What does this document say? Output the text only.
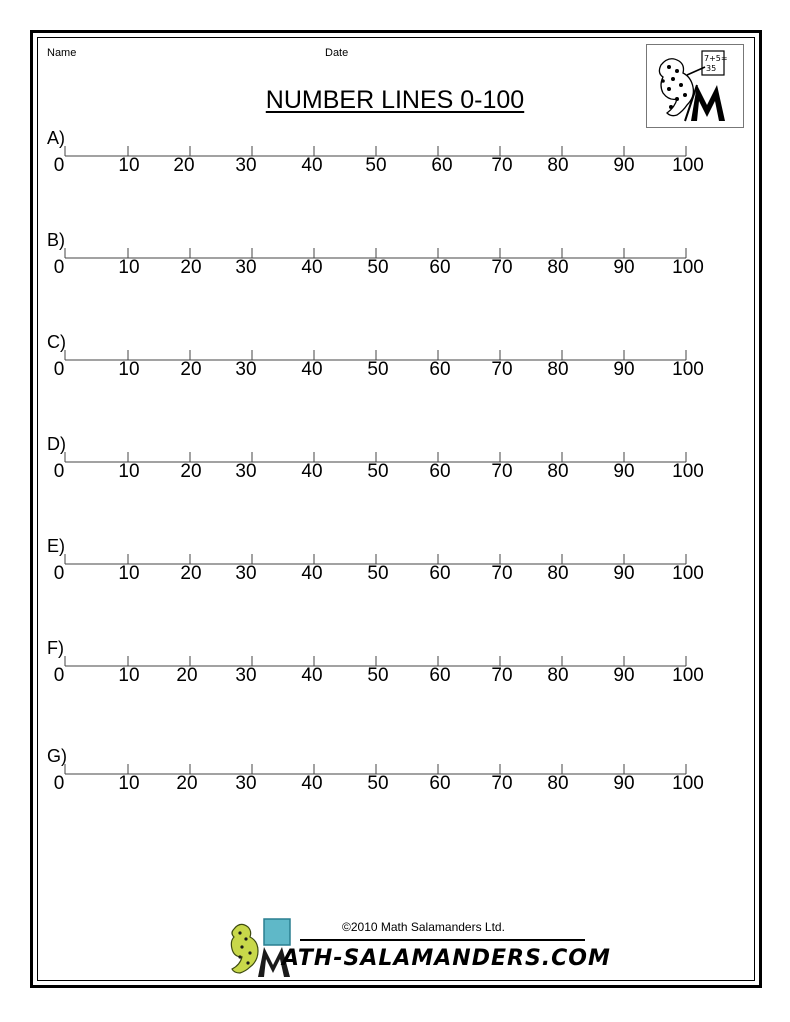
Name	Date
NUMBER LINES 0-100
7+5=
35
A)
0	10 20 30 40 50 60 70 80 90 100
B)
0	10 20 30 40 50 60 70 80 90 100
C)
0	10 20 30 40 50 60 70 80 90 100
D)
0	10 20 30 40 50 60 70 80 90 100
E)
0	10 20 30 40 50 60 70 80 90 100
F)
0	10 20 30 40 50 60 70 80 90 100
G)
0	10 20 30 40 50 60 70 80 90 100
©2010 Math Salamanders Ltd.
ATH-SALAMANDERS.COM
